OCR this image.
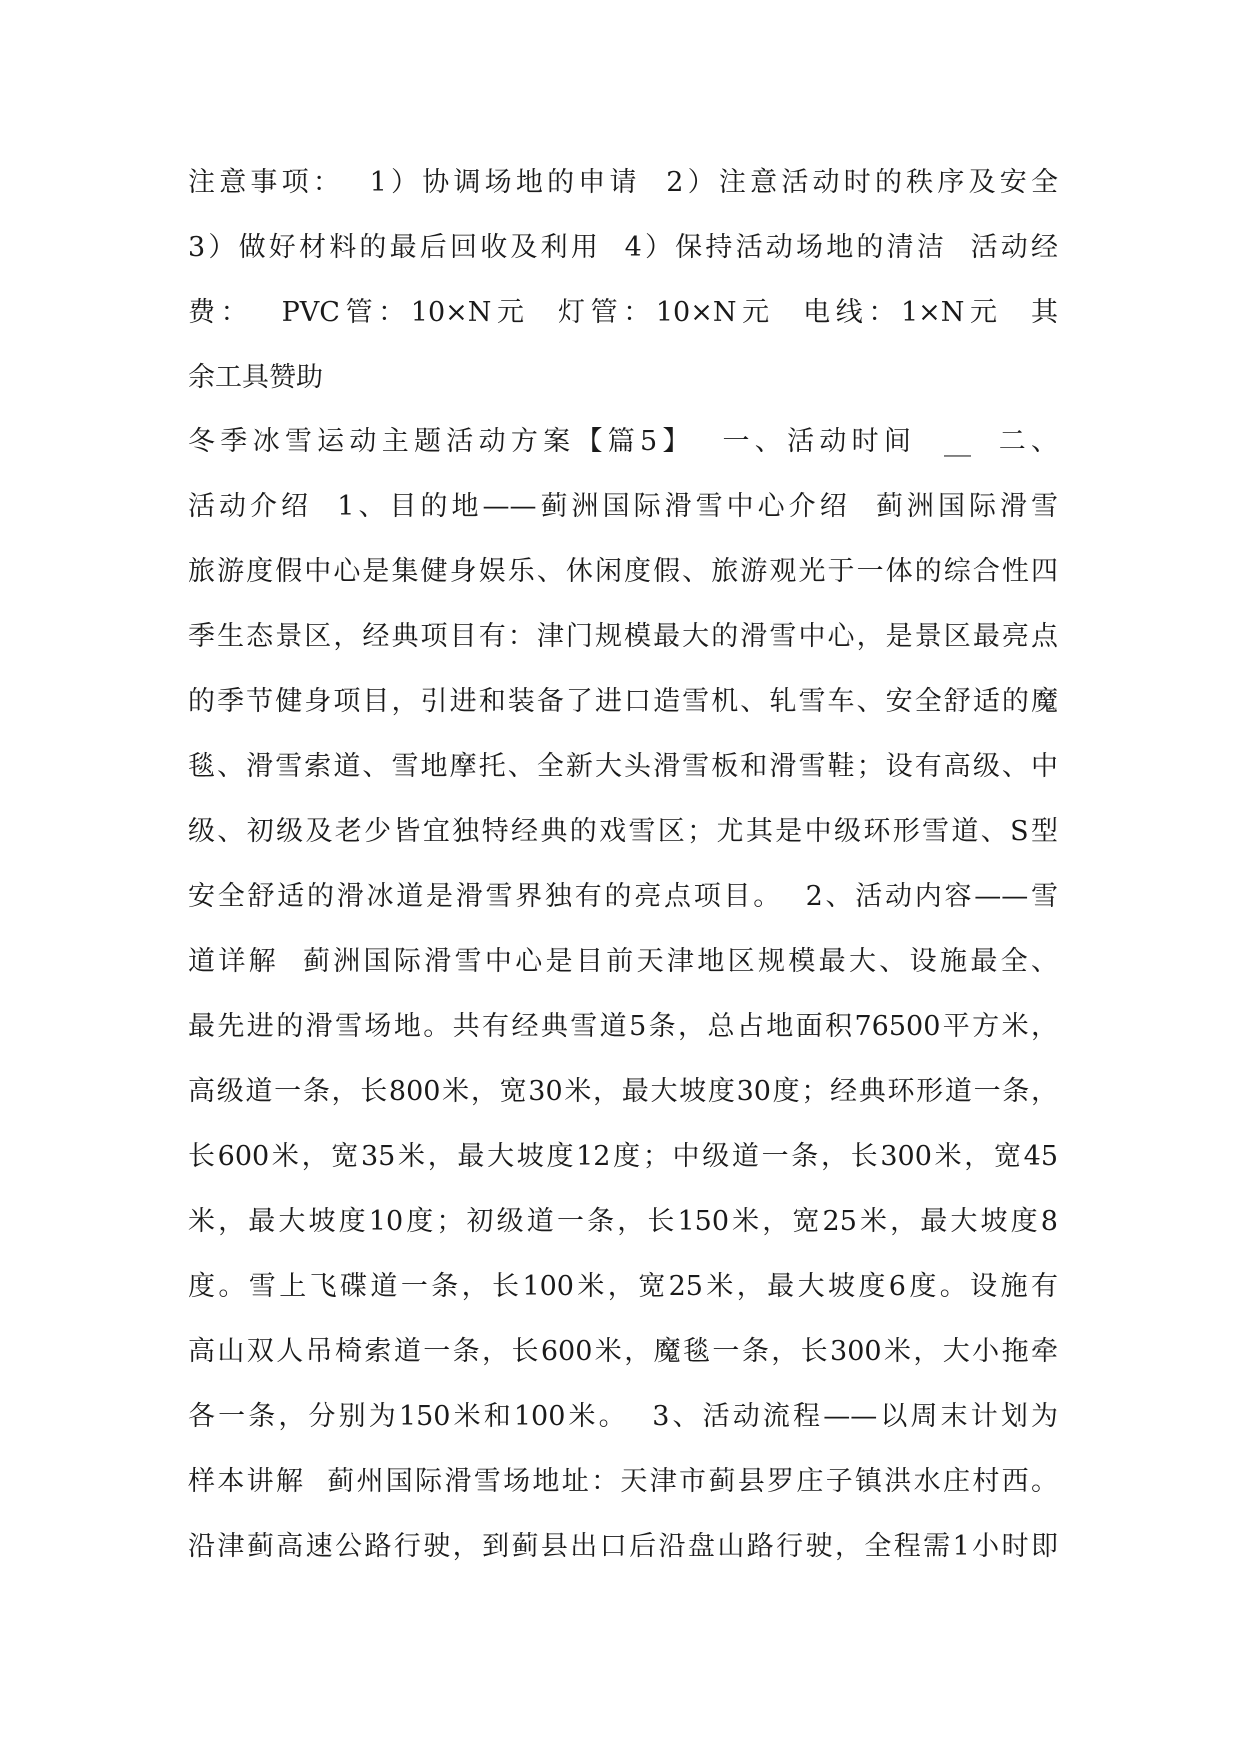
注意事项：  1）协调场地的申请  2）注意活动时的秩序及安全
3）做好材料的最后回收及利用  4）保持活动场地的清洁  活动经
费：  PVC管：10×N元  灯管：10×N元  电线：1×N元  其
余工具赞助
冬季冰雪运动主题活动方案【篇5】  一、活动时间  __  二、
活动介绍  1、目的地——蓟洲国际滑雪中心介绍  蓟洲国际滑雪
旅游度假中心是集健身娱乐、休闲度假、旅游观光于一体的综合性四
季生态景区，经典项目有：津门规模最大的滑雪中心，是景区最亮点
的季节健身项目，引进和装备了进口造雪机、轧雪车、安全舒适的魔
毯、滑雪索道、雪地摩托、全新大头滑雪板和滑雪鞋；设有高级、中
级、初级及老少皆宜独特经典的戏雪区；尤其是中级环形雪道、S型
安全舒适的滑冰道是滑雪界独有的亮点项目。  2、活动内容——雪
道详解  蓟洲国际滑雪中心是目前天津地区规模最大、设施最全、
最先进的滑雪场地。共有经典雪道5条，总占地面积76500平方米，
高级道一条，长800米，宽30米，最大坡度30度；经典环形道一条，
长600米，宽35米，最大坡度12度；中级道一条，长300米，宽45
米，最大坡度10度；初级道一条，长150米，宽25米，最大坡度8
度。雪上飞碟道一条，长100米，宽25米，最大坡度6度。设施有
高山双人吊椅索道一条，长600米，魔毯一条，长300米，大小拖牵
各一条，分别为150米和100米。  3、活动流程——以周末计划为
样本讲解  蓟州国际滑雪场地址：天津市蓟县罗庄子镇洪水庄村西。
沿津蓟高速公路行驶，到蓟县出口后沿盘山路行驶，全程需1小时即
